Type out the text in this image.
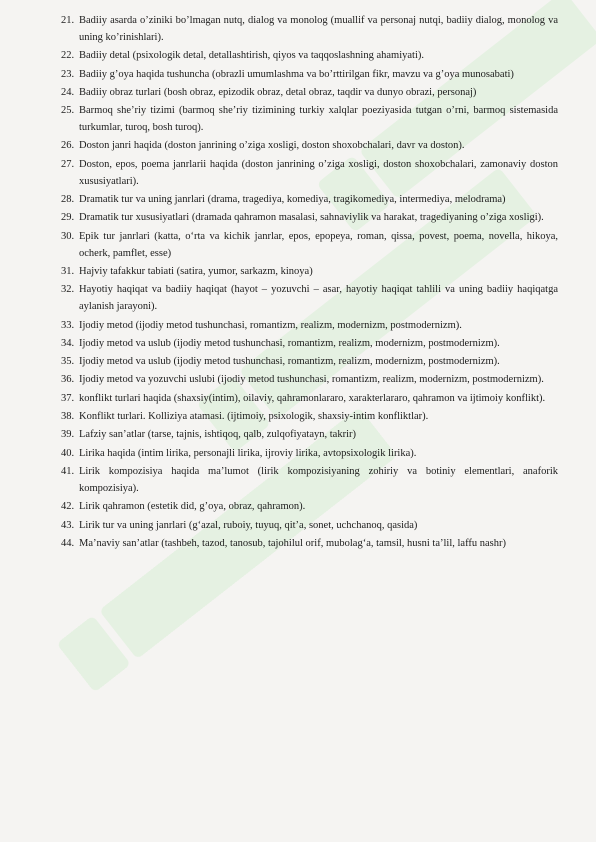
21. Badiiy asarda o’ziniki bo’lmagan nutq, dialog va monolog (muallif va personaj nutqi, badiiy dialog, monolog va uning ko’rinishlari).
22. Badiiy detal (psixologik detal, detallashtirish, qiyos va taqqoslashning ahamiyati).
23. Badiiy g’oya haqida tushuncha (obrazli umumlashma va bo’rttirilgan fikr, mavzu va g’oya munosabati)
24. Badiiy obraz turlari (bosh obraz, epizodik obraz, detal obraz, taqdir va dunyo obrazi, personaj)
25. Barmoq she’riy tizimi (barmoq she’riy tizimining turkiy xalqlar poeziyasida tutgan o’rni, barmoq sistemasida turkumlar, turoq, bosh turoq).
26. Doston janri haqida (doston janrining o’ziga xosligi, doston shoxobchalari, davr va doston).
27. Doston, epos, poema janrlarii haqida (doston janrining o’ziga xosligi, doston shoxobchalari, zamonaviy doston xususiyatlari).
28. Dramatik tur va uning janrlari (drama, tragediya, komediya, tragikomediya, intermediya, melodrama)
29. Dramatik tur xususiyatlari (dramada qahramon masalasi, sahnaviylik va harakat, tragediyaning o’ziga xosligi).
30. Epik tur janrlari (katta, o‘rta va kichik janrlar, epos, epopeya, roman, qissa, povest, poema, novella, hikoya, ocherk, pamflet, esse)
31. Hajviy tafakkur tabiati (satira, yumor, sarkazm, kinoya)
32. Hayotiy haqiqat va badiiy haqiqat (hayot – yozuvchi – asar, hayotiy haqiqat tahlili va uning badiiy haqiqatga aylanish jarayoni).
33. Ijodiy metod (ijodiy metod tushunchasi, romantizm, realizm, modernizm, postmodernizm).
34. Ijodiy metod va uslub (ijodiy metod tushunchasi, romantizm, realizm, modernizm, postmodernizm).
35. Ijodiy metod va uslub (ijodiy metod tushunchasi, romantizm, realizm, modernizm, postmodernizm).
36. Ijodiy metod va yozuvchi uslubi (ijodiy metod tushunchasi, romantizm, realizm, modernizm, postmodernizm).
37. konflikt turlari haqida (shaxsiy(intim), oilaviy, qahramonlararo, xarakterlararo, qahramon va ijtimoiy konflikt).
38. Konflikt turlari. Kolliziya atamasi. (ijtimoiy, psixologik, shaxsiy-intim konfliktlar).
39. Lafziy san’atlar (tarse, tajnis, ishtiqoq, qalb, zulqofiyatayn, takrir)
40. Lirika haqida (intim lirika, personajli lirika, ijroviy lirika, avtopsixologik lirika).
41. Lirik kompozisiya haqida ma’lumot (lirik kompozisiyaning zohiriy va botiniy elementlari, anaforik kompozisiya).
42. Lirik qahramon (estetik did, g’oya, obraz, qahramon).
43. Lirik tur va uning janrlari (g‘azal, ruboiy, tuyuq, qit’a, sonet, uchchanoq, qasida)
44. Ma’naviy san’atlar (tashbeh, tazod, tanosub, tajohilul orif, mubolag‘a, tamsil, husni ta’lil, laffu nashr)
